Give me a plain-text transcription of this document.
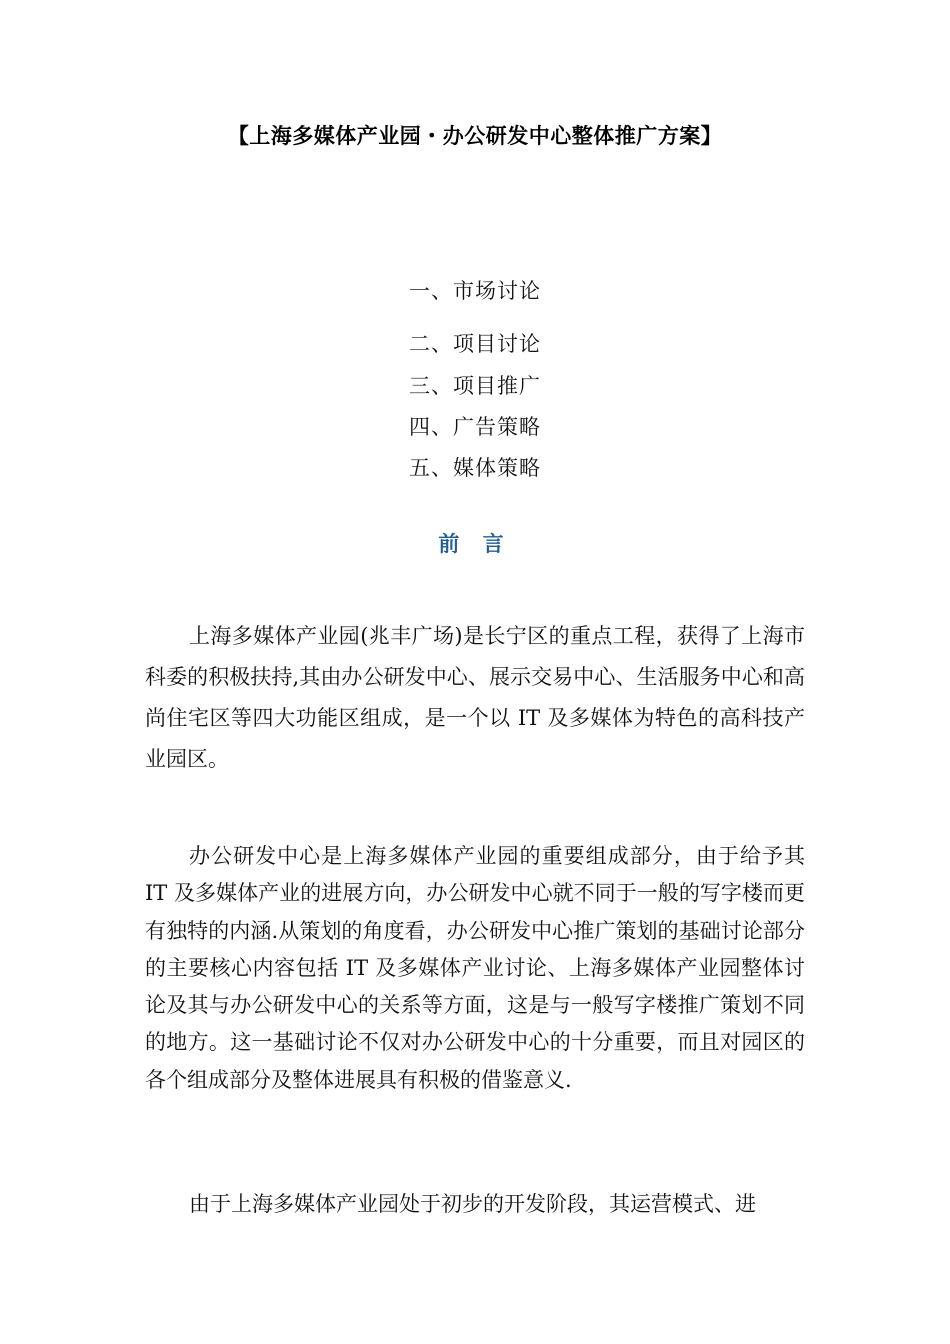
【上海多媒体产业园・办公研发中心整体推广方案】
一、市场讨论
二、项目讨论
三、项目推广
四、广告策略
五、媒体策略
前 言
上海多媒体产业园(兆丰广场)是长宁区的重点工程，获得了上海市科委的积极扶持,其由办公研发中心、展示交易中心、生活服务中心和高尚住宅区等四大功能区组成，是一个以 IT 及多媒体为特色的高科技产业园区。
办公研发中心是上海多媒体产业园的重要组成部分，由于给予其 IT 及多媒体产业的进展方向，办公研发中心就不同于一般的写字楼而更有独特的内涵.从策划的角度看，办公研发中心推广策划的基础讨论部分的主要核心内容包括 IT 及多媒体产业讨论、上海多媒体产业园整体讨论及其与办公研发中心的关系等方面，这是与一般写字楼推广策划不同的地方。这一基础讨论不仅对办公研发中心的十分重要，而且对园区的各个组成部分及整体进展具有积极的借鉴意义.
由于上海多媒体产业园处于初步的开发阶段，其运营模式、进
